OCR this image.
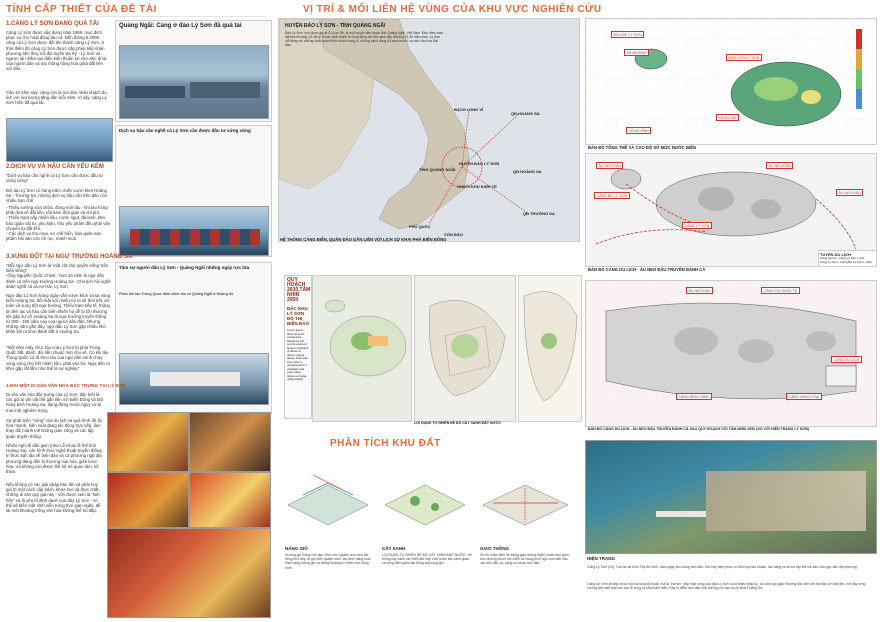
TÍNH CẤP THIẾT CỦA ĐỀ TÀI
1.CẢNG LÝ SƠN ĐANG QUÁ TẢI
Cảng Lý Sơn được xây dựng năm 1999, mục đích phục vụ cho hoạt động tàu cá. Đến tháng 5.2005 cảng cá Lý Sơn được đối tên thành cảng Lý Sơn, ở thời điểm đó cảng Lý Sơn được cấp phép tiếp nhận phương tiện thủy nội địa tuyến Sa Kỳ - Lý Sơn và ngược lại nhằm tạo điều kiện thuận lợi cho việc đi lại của người dân và lưu thông hàng hóa giữa đất liền với đảo.
Cần 10 năm nay, cảng còn là nơi đón nhận khách du lịch với lưu lượng tăng dần mỗi năm. Vì vậy, cảng Lý Sơn hiện đã quá tải.
Quảng Ngãi: Cảng ở đảo Lý Sơn đã quá tải
2.DỊCH VỤ VÀ HẬU CẦN YẾU KÉM
"Dịch vụ hậu cần nghề cá Lý Sơn cần được đầu tư xứng xứng"
Đội tàu Lý Sơn có hàng trăm chiếc vươn khơi Hoàng Sa - Trường Sa, nhưng dịch vụ hậu cần trên đảo còn nhiều hạn chế:
- Thiếu xưởng sửa chữa, đóng mới tàu - khi tàu hỏng phải đưa về đất liền, tốn kém thời gian và chi phí.
- Thiếu trạm cấp nhiên liệu, nước ngọt, đá lạnh, kho bảo quản vật tư, phụ kiện, nhu yếu phẩm đều phải vận chuyển từ đất liền.
- Các dịch vụ thu mua, sơ chế biển, bảo quản sản phẩm hải sản còn rời rạc, manh mún.
Dịch vụ hậu cần nghề cá Lý Sơn cần được đầu tư xứng xứng
3.XUNG ĐỘT TẠI NGƯ TRƯỜNG HOÀNG SA
"Mỗi ngư dân Lý Sơn là 'một cột chủ quyền sống' trên biển Đông"
-Ông Nguyễn Quốc Chinh - hơn 30 năm là ngư dân đánh cá trên ngư trường Hoàng Sa - Chủ tịch hội nghề đoàn nghề cá xã An Hải, Lý Sơn
Ngư dân Lý Sơn hàng ngày vẫn vươn khơi xa tại vùng biển Hoàng Sa, đối mặt với nhiều rủi ro về thời tiết, an toàn và xung đột ngư trường. Thiếu trạm tiếp tế, thông tin liên lạc và hậu cần biển khiến họ dễ bị tổn thương khi gặp sự cố. Hoàng Sa là ngư trường truyền thống từ 300 - 400 năm nay của người dân đảo. Nhưng những năm gần đây, ngư dân Lý Sơn gặp nhiều khó khăn khi ra khơi đánh bắt ở Hoàng Sa.
"Một năm mấy chục tàu của Lý Sơn bị phía Trung Quốc bắt, đánh, đòi tiền chuộc mới cho về. Có khi tàu Trung Quốc cứ đi theo tàu của ngư dân mình chạy vòng vòng cho hết nhiên liệu, phải vào bờ. Ngư dân ra khơi gặp rất lắm như thế là sợ nghiệp"
Tâm sự người dân Lý Sơn - Quảng Ngãi những ngày rực lửa
Phản đối tàu Trung Quốc đâm chìm tàu cá Quảng Ngãi ở Hoàng Sa
4.MAI MỘT DI SẢN VĂN HÓA ĐẶC TRƯNG TẠI LÝ SƠN
Di sản văn hóa đặc trưng của Lý Sơn, đặc biệt là các giá trị phi vật thể gắn liền với Biển Đông và Đội hùng binh Hoàng Sa, đang đứng trước nguy cơ bị mai một nghiêm trọng.
Sự phát triển "nóng" của du lịch và quá trình đô thị hóa nhanh, kiến soát đang tác động trực tiếp, làm thay đổi mạnh mẽ không gian sống và các tập quán truyền thống.
Nhiều nghi lễ dân gian (như Lễ Khao lề thế lính Hoàng Sa), các hình thức nghệ thuật truyền thống, tri thức bản địa về biển đảo và cả phương ngữ địa phương đang dần bị thương mại hóa, giản lược hóa. Và không còn được thế hệ trẻ quan tâm, kế thừa.
Nếu không có các giải pháp bảo tồn và phát huy giá trị một cách cấp bách, khoa học và thực chất, những di sản quý giá này - vốn được xem là "linh hồn" và là yếu tố định danh của đảo Lý Sơn - có thể sẽ biến mất vĩnh viễn trong thời gian ngắn, để lại một khoảng trống văn hóa không thể bù đắp.
VỊ TRÍ & MỐI LIÊN HỆ VÙNG CỦA KHU VỰC NGHIÊN CỨU
HUYỆN ĐẢO LÝ SƠN - TỈNH QUẢNG NGÃI
Đảo Lý Sơn, còn được gọi là Cù Lao Ré, là một huyện đảo thuộc tỉnh Quảng Ngãi, Việt Nam. Đảo nằm cách đất liền khoảng 15 hải lý. Được hình thành từ hoạt động núi lửa cách đây khoảng 25-30 triệu năm, Lý Sơn nổi tiếng với những cảnh quan thiên nhiên hùng vĩ, những cánh đồng tỏi xanh mướt, và nền văn hóa độc đáo.
BẠCH LONG VĨ
QĐ.HOÀNG SA
TỈNH QUẢNG NGÃI
HUYỆN ĐẢO LÝ SƠN
QĐ.HOÀNG SA
CHUỖI KHU KINH TẾ
QĐ.TRƯỜNG SA
PHÚ QUỐC
CÔN ĐẢO
HỆ THỐNG CẢNG BIỂN, QUẦN ĐẢO GẦN LIỀN VỚI LỊCH SỬ KHAI PHÁ BIỂN ĐÔNG
ĐẢO BÉ LÝ SƠN
XÃ AN BÌNH
ĐẢO LỚN LÝ SƠN
XÃ AN HẢI
XÃ AN VĨNH
BẢN ĐỒ TỔNG THỂ VÀ CAO ĐỘ SỐ MỨC NƯỚC BIỂN
ÂU NEO ĐẬU
CẢNG LÝ SƠN
ÂU NEO ĐẬU
ÂU NEO ĐẬU
CẢNG BÉ LÝ SƠN
BẢN ĐỒ CẢNG DU LỊCH - ÂU NEO ĐẬU TRUYỀN ĐÁNH CÁ
TUYẾN DU LỊCH
Cảng Sa Kỳ - Cảng Lý Sơn (~1h)
Cảng Lý Sơn - Cảng Bé Lý Sơn (~30p)
QUY HOẠCH 2030,TẦM NHÌN 2050
ĐẶC KHU LÝ SƠN ĐÔ THỊ BIỂN ĐẢO
Lorem ipsum dolor sit amet, consectetur adipiscing elit, sed do eiusmod tempor incididunt ut labore et dolore magna aliqua. Duis aute irure dolor in reprehenderit in voluptate velit esse cillum dolore eu fugiat nulla pariatur.
LỢI DỤNG TỰ NHIÊN ĐỂ ĐÔ CÀY XANH MẶT NƯỚC
ÂU NEO ĐẬU
CẢNG BẾN CHÍNH	CẢNG HÀNG HÓA
CẢNG DU LỊCH
CẢNG CÁ QUỐC TẾ
BẢN ĐỒ CẢNG DU LỊCH - ÂU NEO ĐẬU TRUYỀN ĐÁNH CÁ SAU QUY HOẠCH VỚI TẦM NHÌN 2050 (SO VỚI HIỆN TRẠNG LÝ SƠN)
PHÂN TÍCH KHU ĐẤT
NĂNG GIÓ
Hướng gió Đông chủ đạo. Khu vực nghiên cứu chịu tác động trực tiếp từ gió biển quanh năm, tạo tiềm năng khai thác năng lượng gió và thông thoáng tự nhiên cho công trình.
CÂY XANH
LỢI DỤNG TỰ NHIÊN ĐỂ ĐÔ CÂY XANH MẶT NƯỚC. Hệ thống cây xanh ven biển kết hợp mặt nước tạo cảnh quan và vùng đệm giảm tác động của sóng gió.
GIAO THÔNG
Sơ đồ nhận diện hệ thống giao thông tuyến mạch bao gồm: trục đường chính ven biển và mạng lưới ngõ xóm dẫn vào các khu dân cư, cảng cá và âu neo đậu.
HIỆN TRẠNG
Cảng Lý Sơn (cũ): Tọa lạc tại thôn Tây An Vĩnh, năm ngay khu trung tâm đảo. Nơi này hiện phục vụ hỗn hợp tàu khách, tàu hàng và là nơi tập kết hải sản của ngư dân địa phương.
Cảng An Vĩnh không chỉ là một hạ tầng kỹ thuật, mà là "trái tim" đập nhịp sống của đảo Lý Sơn suốt nhiều thập kỷ. Là cửa ngõ giao thương đầu tiên kết nối đảo với đất liền, nơi đây từng chứng kiến biết bao con tàu rẽ sóng ra khơi bám biển. Đây là điểm neo đậu của những con tàu vươn khơi Hoàng Sa.
